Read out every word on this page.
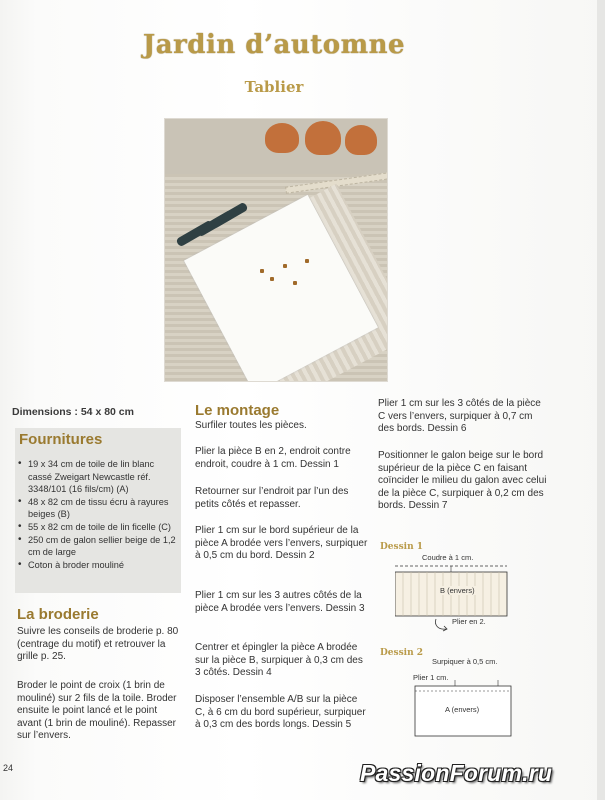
Jardin d’automne
Tablier
Dimensions : 54 x 80 cm
Fournitures
• 19 x 34 cm de toile de lin blanc cassé Zweigart Newcastle réf. 3348/101 (16 fils/cm) (A)
• 48 x 82 cm de tissu écru à rayures beiges (B)
• 55 x 82 cm de toile de lin ficelle (C)
• 250 cm de galon sellier beige de 1,2 cm de large
• Coton à broder mouliné
La broderie

Suivre les conseils de broderie p. 80 (centrage du motif) et retrouver la grille p. 25.

Broder le point de croix (1 brin de mouliné) sur 2 fils de la toile. Broder ensuite le point lancé et le point avant (1 brin de mouliné). Repasser sur l’envers.

Le montage

Surfiler toutes les pièces.

Plier la pièce B en 2, endroit contre endroit, coudre à 1 cm. Dessin 1

Retourner sur l’endroit par l’un des petits côtés et repasser.

Plier 1 cm sur le bord supérieur de la pièce A brodée vers l’envers, surpiquer à 0,5 cm du bord. Dessin 2

Plier 1 cm sur les 3 autres côtés de la pièce A brodée vers l’envers. Dessin 3

Centrer et épingler la pièce A brodée sur la pièce B, surpiquer à 0,3 cm des 3 côtés. Dessin 4

Disposer l’ensemble A/B sur la pièce C, à 6 cm du bord supérieur, surpiquer à 0,3 cm des bords longs. Dessin 5

Plier 1 cm sur les 3 côtés de la pièce C vers l’envers, surpiquer à 0,7 cm des bords. Dessin 6

Positionner le galon beige sur le bord supérieur de la pièce C en faisant coïncider le milieu du galon avec celui de la pièce C, surpiquer à 0,2 cm des bords. Dessin 7

Dessin 1
Coudre à 1 cm.
B (envers)
Plier en 2.
Dessin 2
Surpiquer à 0,5 cm.
Plier 1 cm.
A (envers)
24	PassionForum.ru
